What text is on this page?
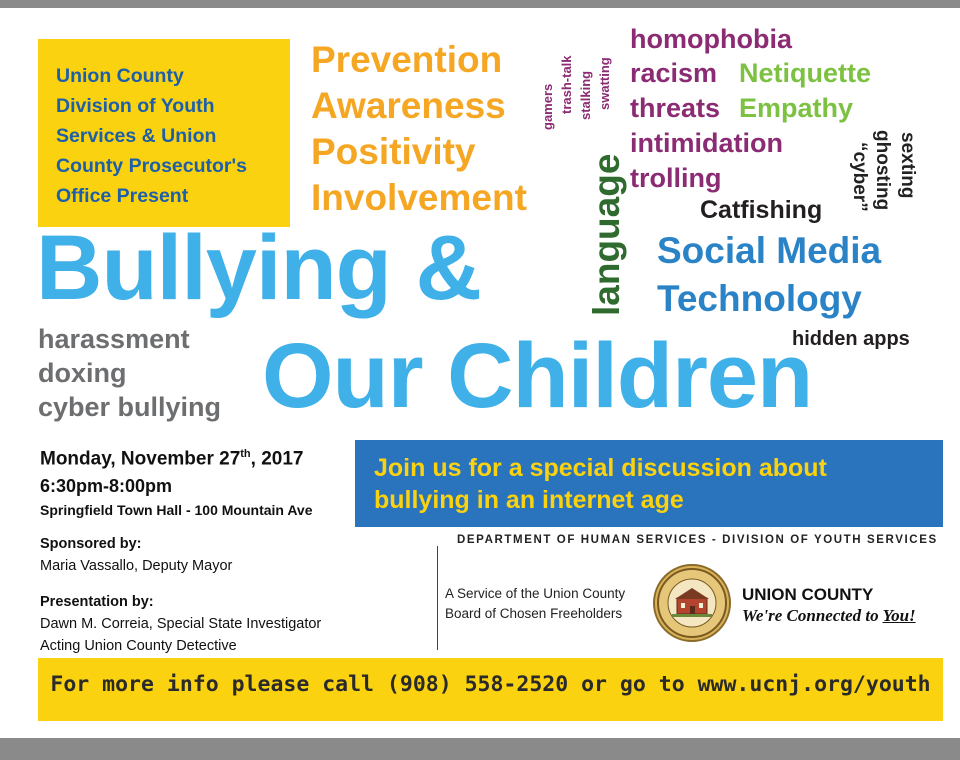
Union County
Division of Youth
Services & Union
County Prosecutor's
Office Present
Prevention
Awareness
Positivity
Involvement
gamers trash-talk stalking swatting
language
homophobia
racism
threats
intimidation
trolling
Netiquette
Empathy
“cyber” ghosting sexting
Catfishing
Social Media
Technology
hidden apps
Bullying &
Our Children
harassment
doxing
cyber bullying
Monday, November 27th, 2017
6:30pm-8:00pm
Springfield Town Hall - 100 Mountain Ave
Join us for a special discussion about
bullying in an internet age
Sponsored by:
Maria Vassallo, Deputy Mayor
Presentation by:
Dawn M. Correia, Special State Investigator
Acting Union County Detective
DEPARTMENT OF HUMAN SERVICES - DIVISION OF YOUTH SERVICES
A Service of the Union County
Board of Chosen Freeholders
UNION COUNTY
We're Connected to You!
For more info please call (908) 558-2520 or go to www.ucnj.org/youth
